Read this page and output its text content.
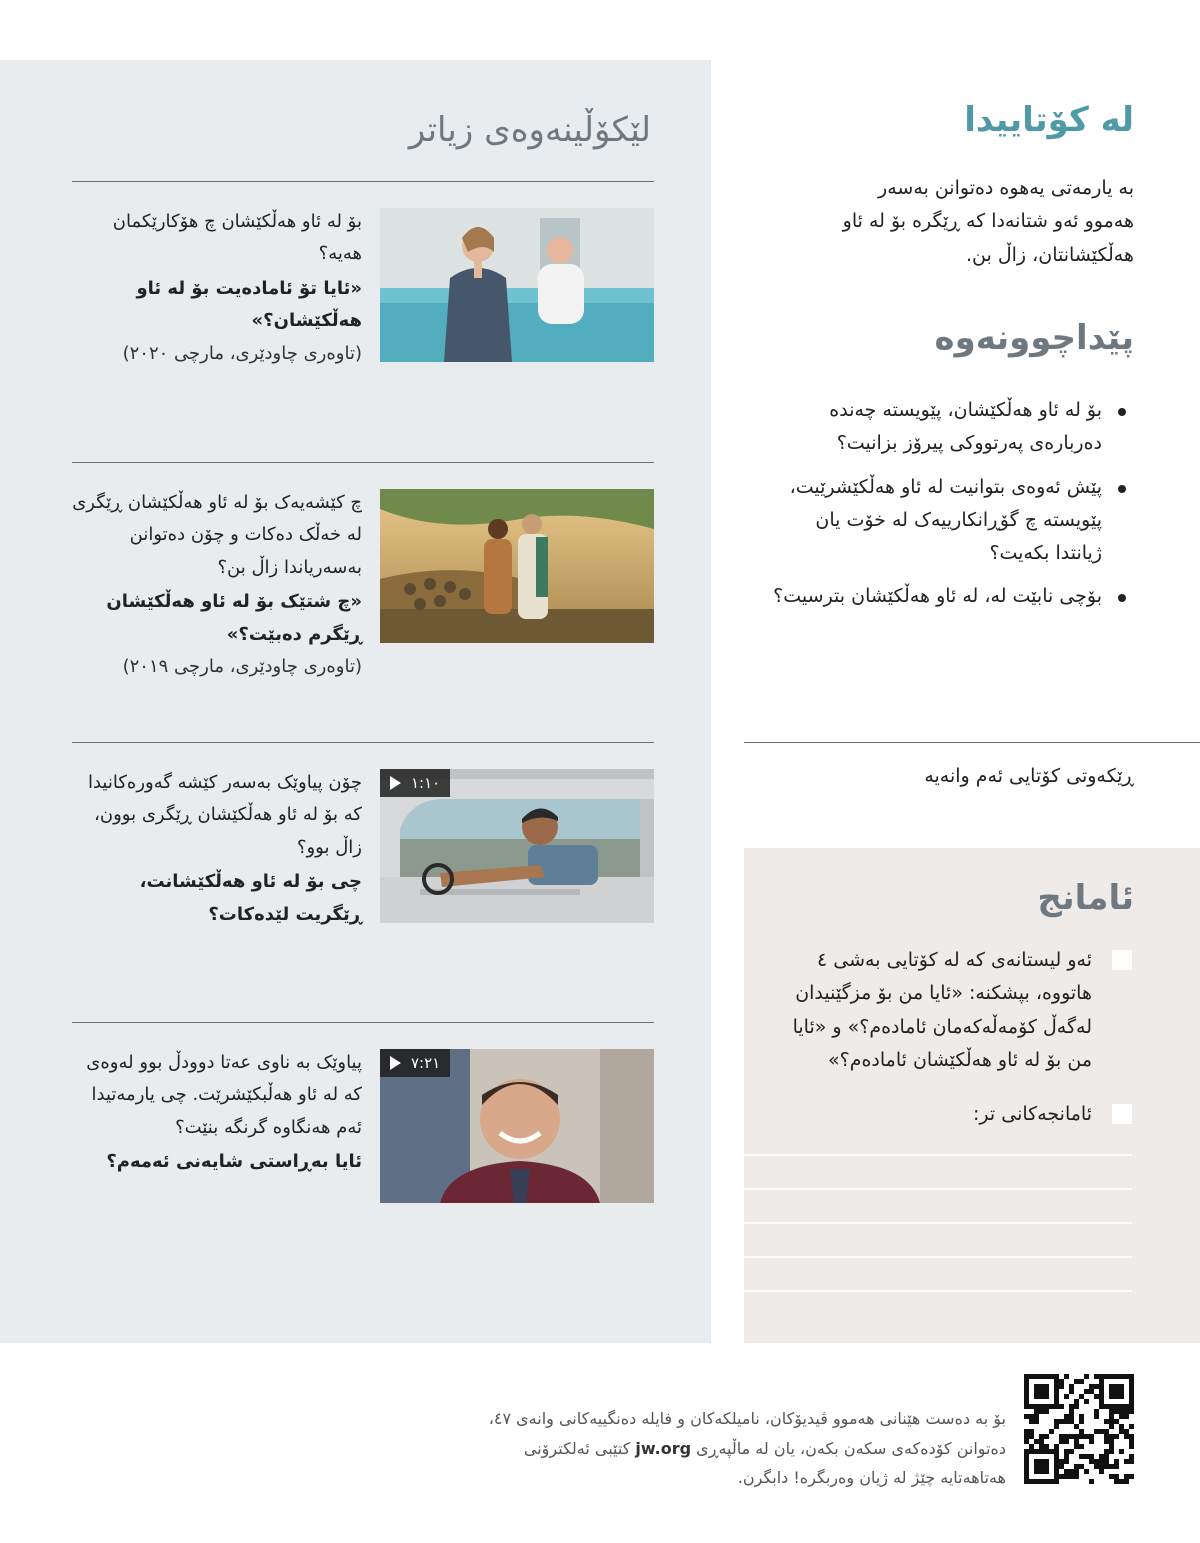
لێکۆڵینەوەی زیاتر

بۆ لە ئاو هەڵکێشان چ هۆکارێکمان هەیە؟

«ئایا تۆ ئامادەیت بۆ لە ئاو هەڵکێشان؟»

(تاوەری چاودێری، مارچی ٢٠٢٠)

چ کێشەیەک بۆ لە ئاو هەڵکێشان ڕێگری لە خەڵک دەکات و چۆن دەتوانن بەسەریاندا زاڵ بن؟

«چ شتێک بۆ لە ئاو هەڵکێشان ڕێگرم دەبێت؟»

(تاوەری چاودێری، مارچی ٢٠١٩)

١:١٠

چۆن پیاوێک بەسەر کێشە گەورەکانیدا کە بۆ لە ئاو هەڵکێشان ڕێگری بوون، زاڵ بوو؟

چی بۆ لە ئاو هەڵکێشانت، ڕێگریت لێدەکات؟

٧:٢١

پیاوێک بە ناوی عەتا دوودڵ بوو لەوەی کە لە ئاو هەڵبکێشرێت. چی یارمەتیدا ئەم هەنگاوە گرنگە بنێت؟

ئایا بەڕاستی شایەنی ئەمەم؟

لە کۆتاییدا

بە یارمەتی یەهوە دەتوانن بەسەر هەموو ئەو شتانەدا کە ڕێگرە بۆ لە ئاو هەڵکێشانتان، زاڵ بن.

پێداچوونەوە
بۆ لە ئاو هەڵکێشان، پێویستە چەندە دەربارەی پەرتووکی پیرۆز بزانیت؟
پێش ئەوەی بتوانیت لە ئاو هەڵکێشرێیت، پێویستە چ گۆڕانکارییەک لە خۆت یان ژیانتدا بکەیت؟
بۆچی نابێت لە، لە ئاو هەڵکێشان بترسیت؟

ڕێکەوتی کۆتایی ئەم وانەیە

ئامانج

ئەو لیستانەی کە لە کۆتایی بەشی ٤ هاتووە، بپشکنە: «ئایا من بۆ مزگێنیدان لەگەڵ کۆمەڵەکەمان ئامادەم؟» و «ئایا من بۆ لە ئاو هەڵکێشان ئامادەم؟»

ئامانجەکانی تر:

بۆ بە دەست هێنانی هەموو ڤیدیۆکان، نامیلکەکان و فایلە دەنگییەکانی وانەی ٤٧، دەتوانن کۆدەکەی سکەن بکەن، یان لە ماڵپەڕی jw.org کتێبی ئەلکترۆنی هەتاهەتایە چێژ لە ژیان وەربگرە! دابگرن.
